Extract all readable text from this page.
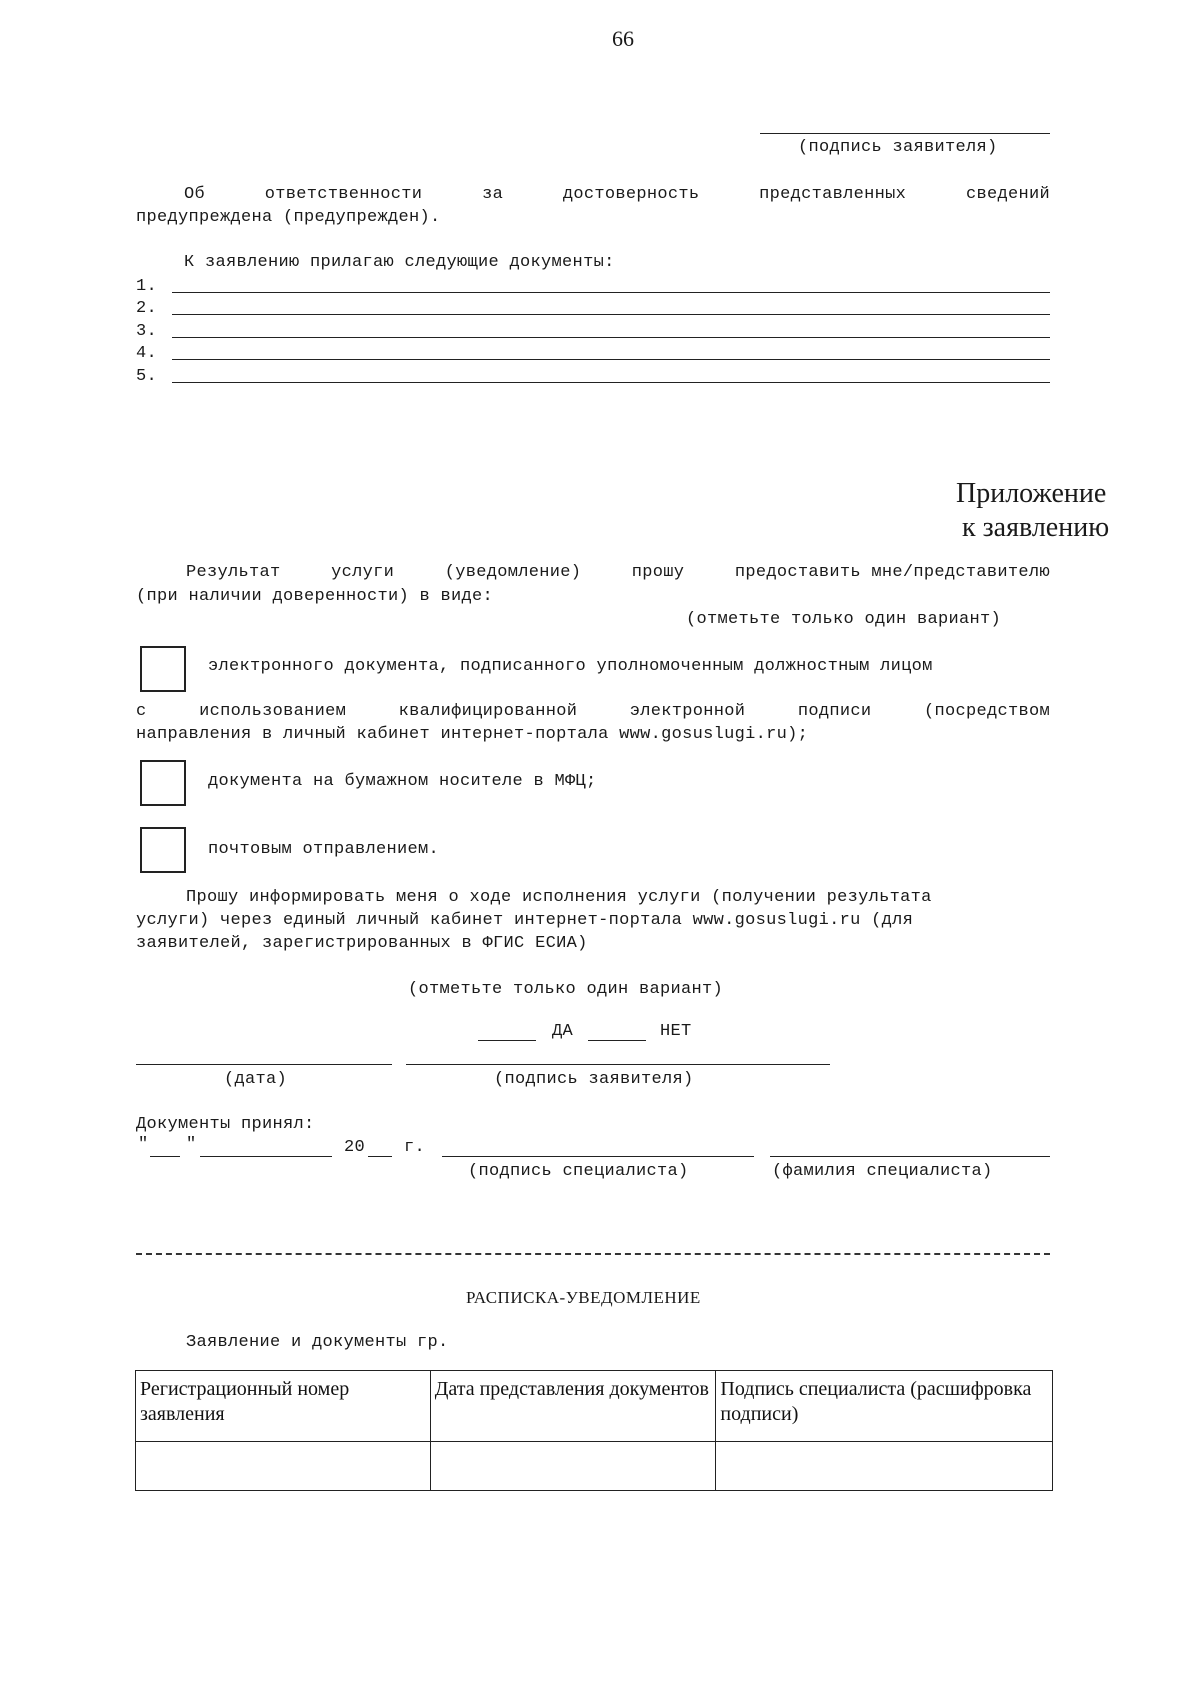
66
(подпись заявителя)
Об	ответственности	за	достоверность	представленных	сведений
предупреждена (предупрежден).
К заявлению прилагаю следующие документы:
1.
2.
3.
4.
5.
Приложение
к заявлению
Результат	услуги	(уведомление)	прошу	предоставить мне/представителю
(при наличии доверенности) в виде:
(отметьте только один вариант)
электронного документа, подписанного уполномоченным должностным лицом
с	использованием	квалифицированной	электронной	подписи	(посредством
направления в личный кабинет интернет-портала www.gosuslugi.ru);
документа на бумажном носителе в МФЦ;
почтовым отправлением.
Прошу информировать меня о ходе исполнения услуги (получении результата
услуги) через единый личный кабинет интернет-портала www.gosuslugi.ru (для
заявителей, зарегистрированных в ФГИС ЕСИА)
(отметьте только один вариант)
ДА	НЕТ
(дата)	(подпись заявителя)
Документы принял:
" "	20 г.
(подпись специалиста)	(фамилия специалиста)
РАСПИСКА-УВЕДОМЛЕНИЕ
Заявление и документы гр.
Регистрационный номер заявления	Дата представления документов	Подпись специалиста (расшифровка подписи)
